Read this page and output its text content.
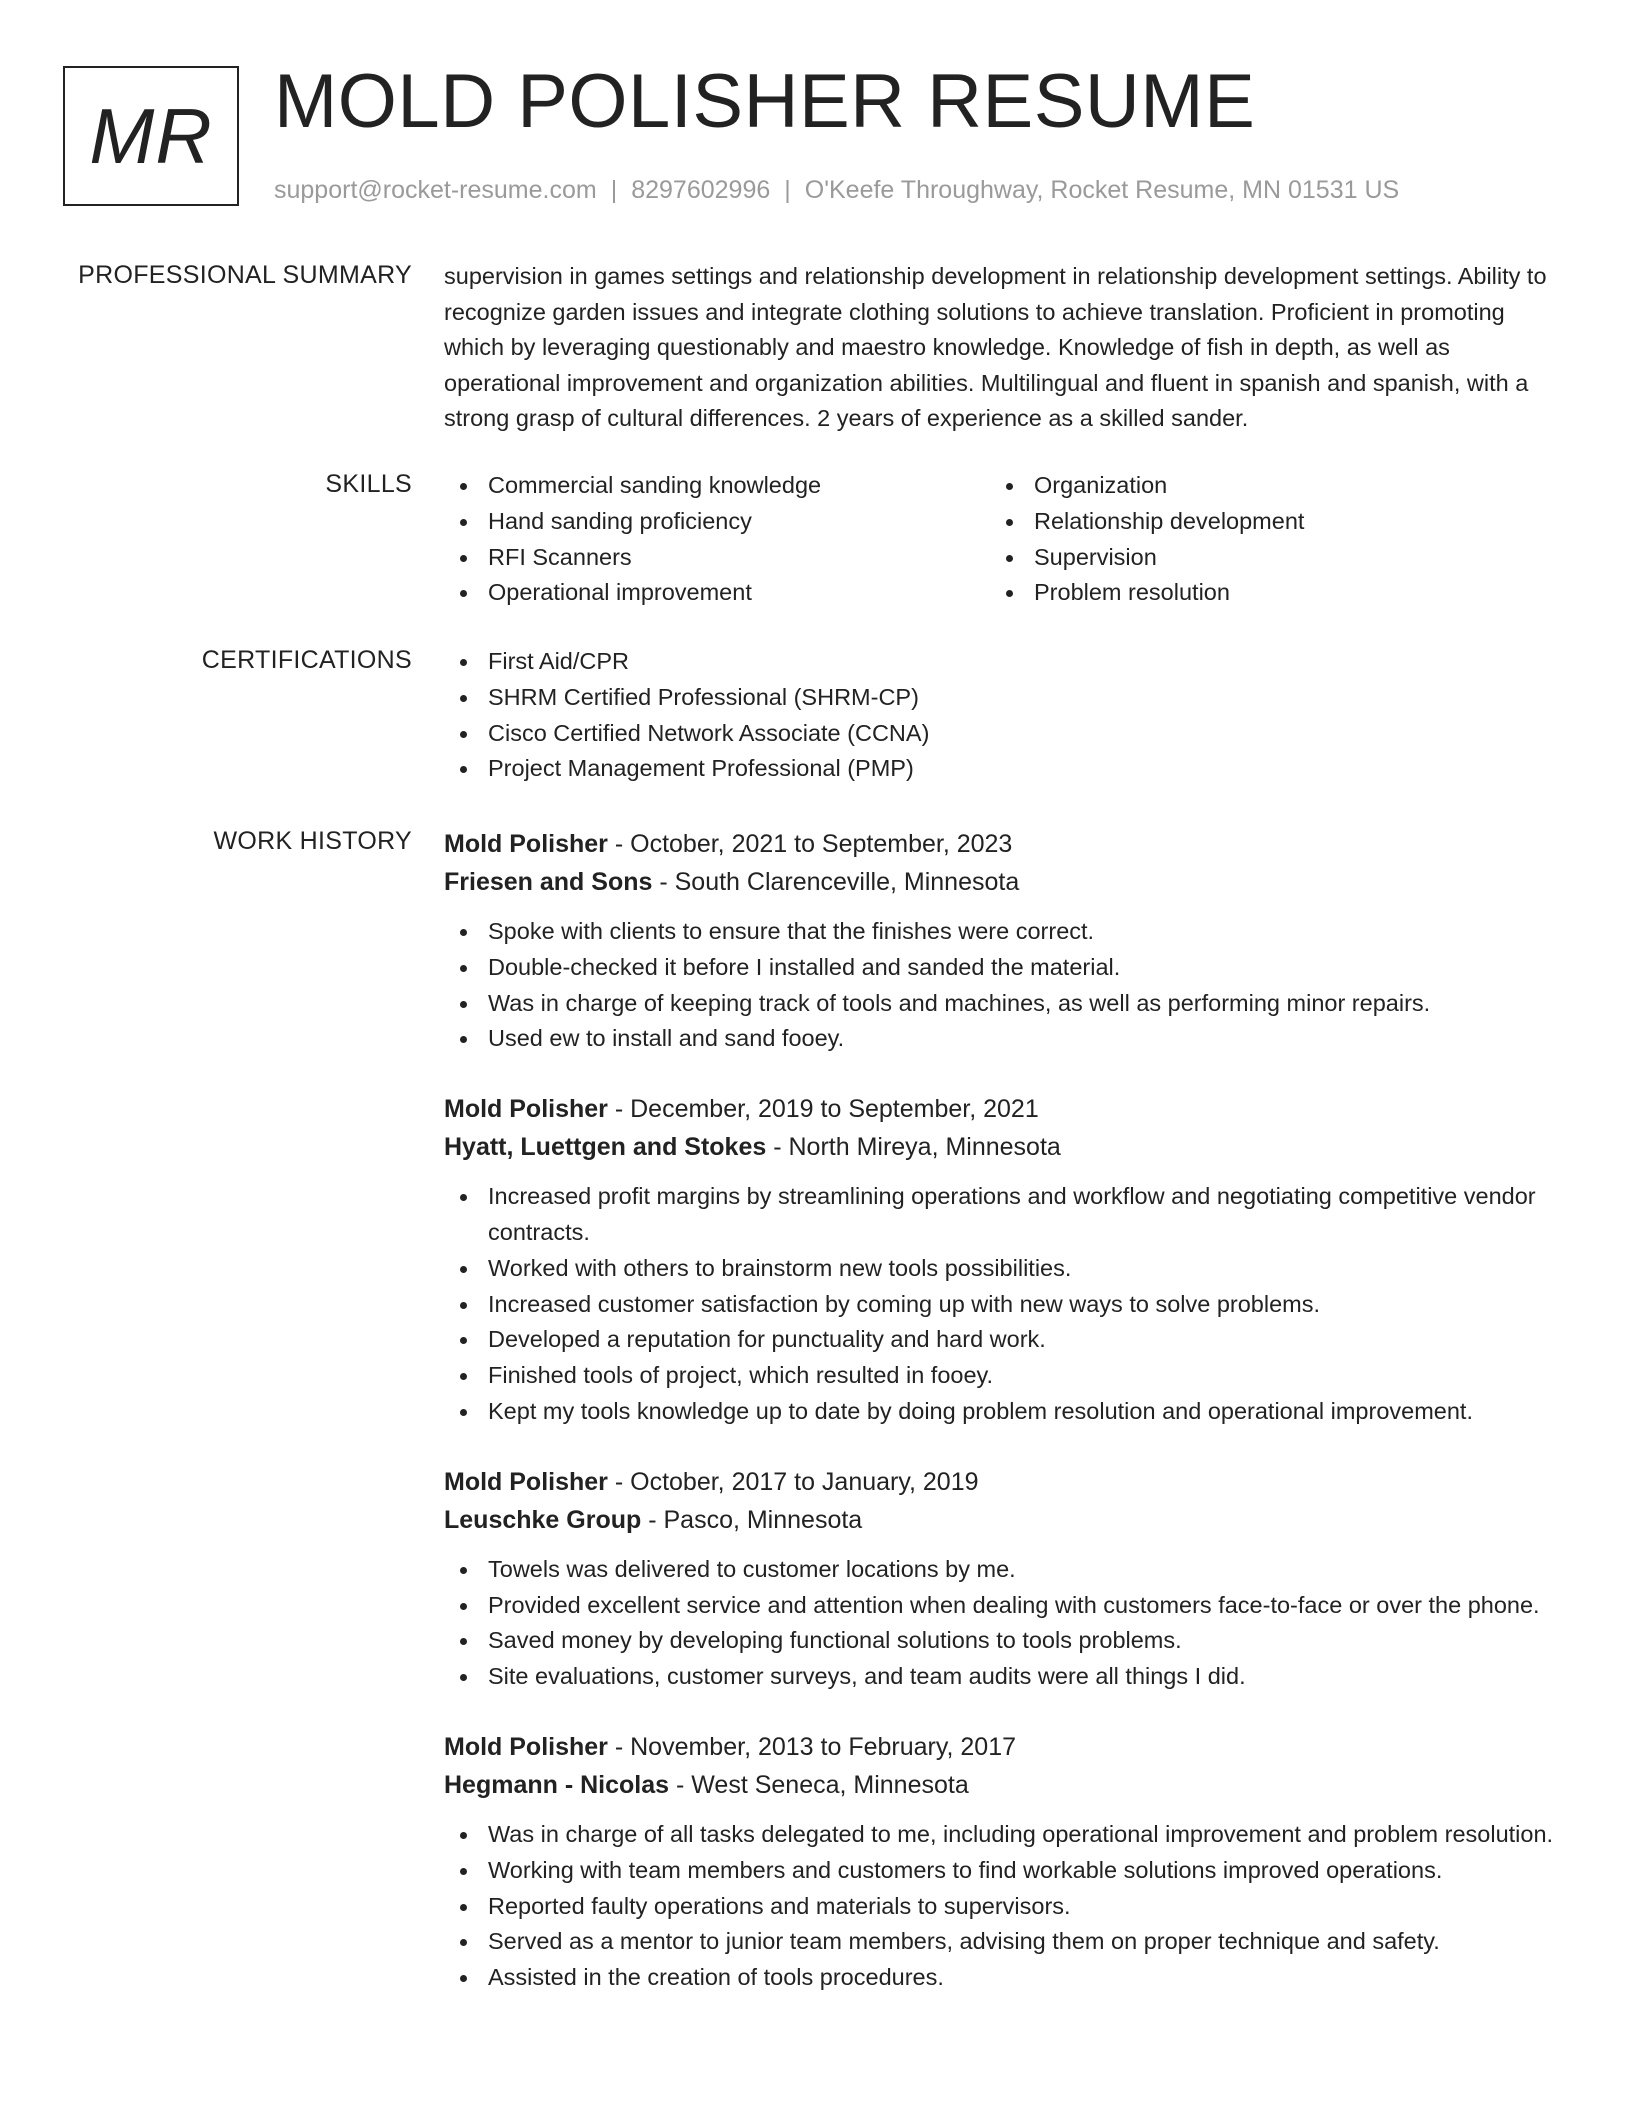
MR MOLD POLISHER RESUME
support@rocket-resume.com | 8297602996 | O'Keefe Throughway, Rocket Resume, MN 01531 US
PROFESSIONAL SUMMARY supervision in games settings and relationship development in relationship development settings. Ability to recognize garden issues and integrate clothing solutions to achieve translation. Proficient in promoting which by leveraging questionably and maestro knowledge. Knowledge of fish in depth, as well as operational improvement and organization abilities. Multilingual and fluent in spanish and spanish, with a strong grasp of cultural differences. 2 years of experience as a skilled sander.

SKILLS	Commercial sanding knowledge
Hand sanding proficiency
RFI Scanners
Operational improvement
Organization
Relationship development
Supervision
Problem resolution
CERTIFICATIONS	First Aid/CPR
SHRM Certified Professional (SHRM-CP)
Cisco Certified Network Associate (CCNA)
Project Management Professional (PMP)
WORK HISTORY Mold Polisher - October, 2021 to September, 2023
Friesen and Sons - South Clarenceville, Minnesota
Spoke with clients to ensure that the finishes were correct.
Double-checked it before I installed and sanded the material.
Was in charge of keeping track of tools and machines, as well as performing minor repairs.
Used ew to install and sand fooey.
Mold Polisher - December, 2019 to September, 2021
Hyatt, Luettgen and Stokes - North Mireya, Minnesota
Increased profit margins by streamlining operations and workflow and negotiating competitive vendor contracts.
Worked with others to brainstorm new tools possibilities.
Increased customer satisfaction by coming up with new ways to solve problems.
Developed a reputation for punctuality and hard work.
Finished tools of project, which resulted in fooey.
Kept my tools knowledge up to date by doing problem resolution and operational improvement.
Mold Polisher - October, 2017 to January, 2019
Leuschke Group - Pasco, Minnesota
Towels was delivered to customer locations by me.
Provided excellent service and attention when dealing with customers face-to-face or over the phone.
Saved money by developing functional solutions to tools problems.
Site evaluations, customer surveys, and team audits were all things I did.
Mold Polisher - November, 2013 to February, 2017
Hegmann - Nicolas - West Seneca, Minnesota
Was in charge of all tasks delegated to me, including operational improvement and problem resolution.
Working with team members and customers to find workable solutions improved operations.
Reported faulty operations and materials to supervisors.
Served as a mentor to junior team members, advising them on proper technique and safety.
Assisted in the creation of tools procedures.
